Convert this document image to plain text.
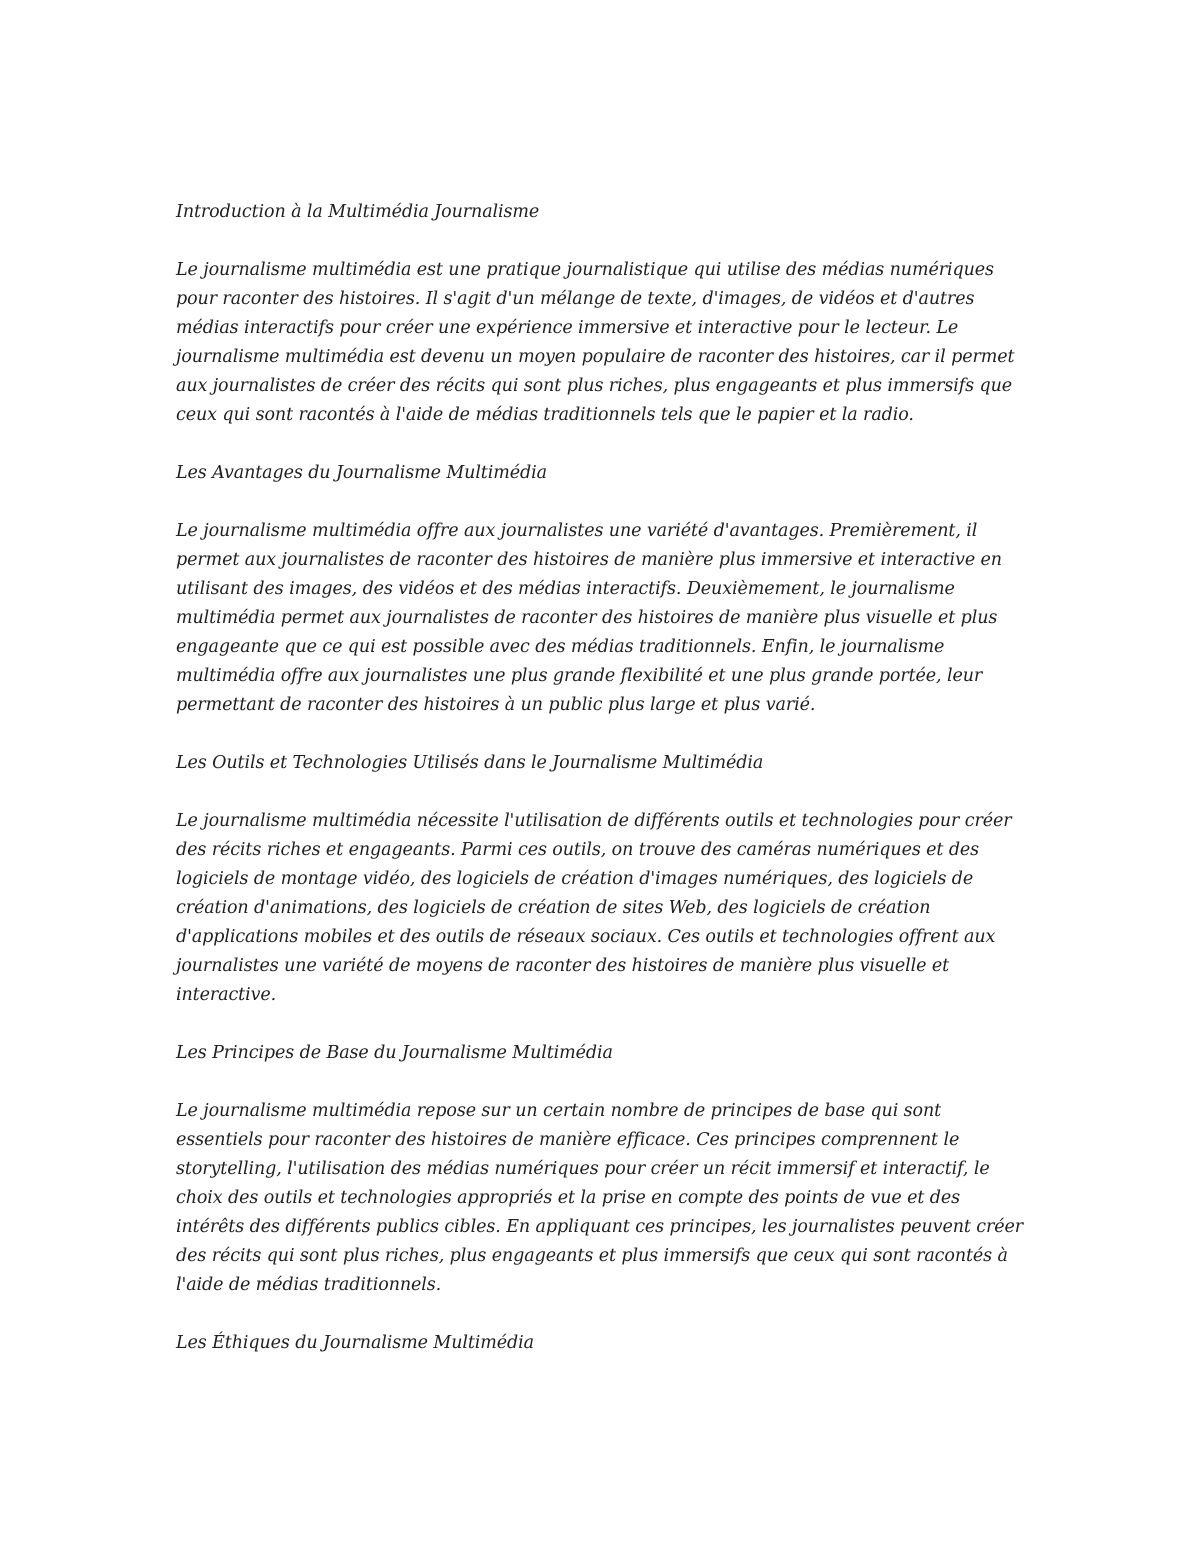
Introduction à la Multimédia Journalisme

Le journalisme multimédia est une pratique journalistique qui utilise des médias numériques pour raconter des histoires. Il s'agit d'un mélange de texte, d'images, de vidéos et d'autres médias interactifs pour créer une expérience immersive et interactive pour le lecteur. Le journalisme multimédia est devenu un moyen populaire de raconter des histoires, car il permet aux journalistes de créer des récits qui sont plus riches, plus engageants et plus immersifs que ceux qui sont racontés à l'aide de médias traditionnels tels que le papier et la radio.

Les Avantages du Journalisme Multimédia

Le journalisme multimédia offre aux journalistes une variété d'avantages. Premièrement, il permet aux journalistes de raconter des histoires de manière plus immersive et interactive en utilisant des images, des vidéos et des médias interactifs. Deuxièmement, le journalisme multimédia permet aux journalistes de raconter des histoires de manière plus visuelle et plus engageante que ce qui est possible avec des médias traditionnels. Enfin, le journalisme multimédia offre aux journalistes une plus grande flexibilité et une plus grande portée, leur permettant de raconter des histoires à un public plus large et plus varié.

Les Outils et Technologies Utilisés dans le Journalisme Multimédia

Le journalisme multimédia nécessite l'utilisation de différents outils et technologies pour créer des récits riches et engageants. Parmi ces outils, on trouve des caméras numériques et des logiciels de montage vidéo, des logiciels de création d'images numériques, des logiciels de création d'animations, des logiciels de création de sites Web, des logiciels de création d'applications mobiles et des outils de réseaux sociaux. Ces outils et technologies offrent aux journalistes une variété de moyens de raconter des histoires de manière plus visuelle et interactive.

Les Principes de Base du Journalisme Multimédia

Le journalisme multimédia repose sur un certain nombre de principes de base qui sont essentiels pour raconter des histoires de manière efficace. Ces principes comprennent le storytelling, l'utilisation des médias numériques pour créer un récit immersif et interactif, le choix des outils et technologies appropriés et la prise en compte des points de vue et des intérêts des différents publics cibles. En appliquant ces principes, les journalistes peuvent créer des récits qui sont plus riches, plus engageants et plus immersifs que ceux qui sont racontés à l'aide de médias traditionnels.

Les Éthiques du Journalisme Multimédia
